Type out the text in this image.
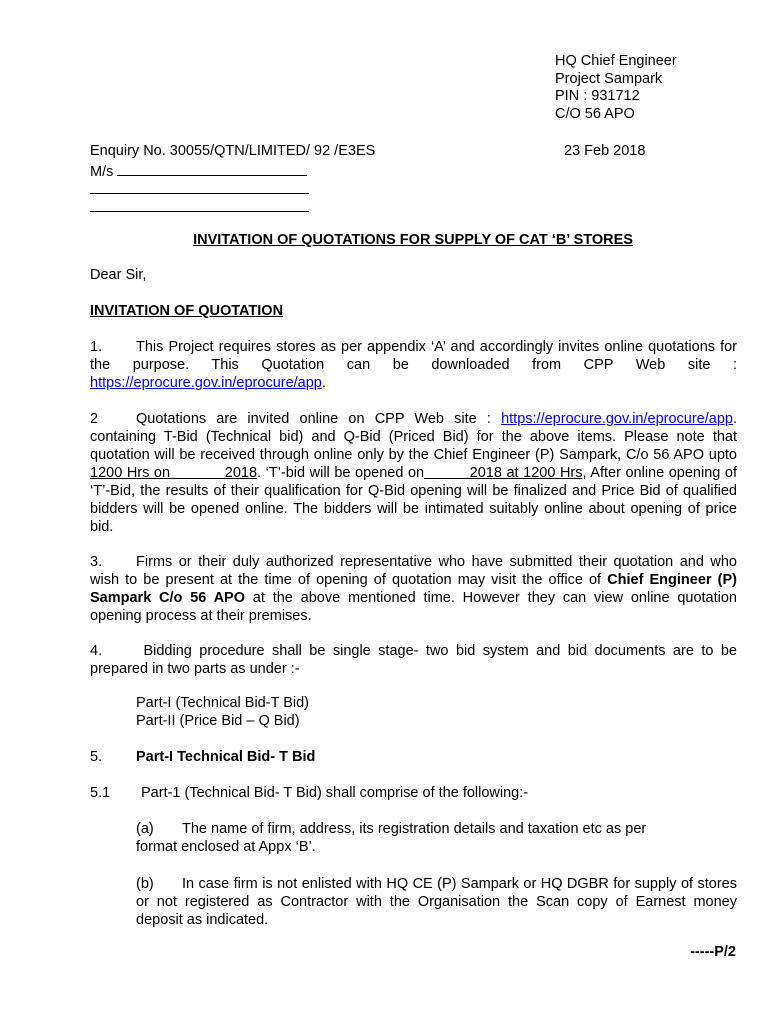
HQ Chief Engineer
Project Sampark
PIN : 931712
C/O 56 APO
Enquiry No. 30055/QTN/LIMITED/ 92 /E3ES	23 Feb 2018
M/s
INVITATION OF QUOTATIONS FOR SUPPLY OF CAT ‘B’ STORES
Dear Sir,
INVITATION OF QUOTATION
1. This Project requires stores as per appendix ‘A’ and accordingly invites online quotations for the purpose. This Quotation can be downloaded from CPP Web site : https://eprocure.gov.in/eprocure/app.
2	Quotations are invited online on CPP Web site : https://eprocure.gov.in/eprocure/app. containing T-Bid (Technical bid) and Q-Bid (Priced Bid) for the above items. Please note that quotation will be received through online only by the Chief Engineer (P) Sampark, C/o 56 APO upto 1200 Hrs on            2018. ‘T’-bid will be opened on          2018 at 1200 Hrs, After online opening of ‘T’-Bid, the results of their qualification for Q-Bid opening will be finalized and Price Bid of qualified bidders will be opened online. The bidders will be intimated suitably online about opening of price bid.
3. Firms or their duly authorized representative who have submitted their quotation and who wish to be present at the time of opening of quotation may visit the office of Chief Engineer (P) Sampark C/o 56 APO at the above mentioned time. However they can view online quotation opening process at their premises.
4. Bidding procedure shall be single stage- two bid system and bid documents are to be prepared in two parts as under :-
Part-I (Technical Bid-T Bid)
Part-II (Price Bid – Q Bid)
5. Part-I Technical Bid- T Bid
5.1 Part-1 (Technical Bid- T Bid) shall comprise of the following:-
(a) The name of firm, address, its registration details and taxation etc as per
format enclosed at Appx ‘B’.
(b) In case firm is not enlisted with HQ CE (P) Sampark or HQ DGBR for supply of stores or not registered as Contractor with the Organisation the Scan copy of Earnest money deposit as indicated.
-----P/2
